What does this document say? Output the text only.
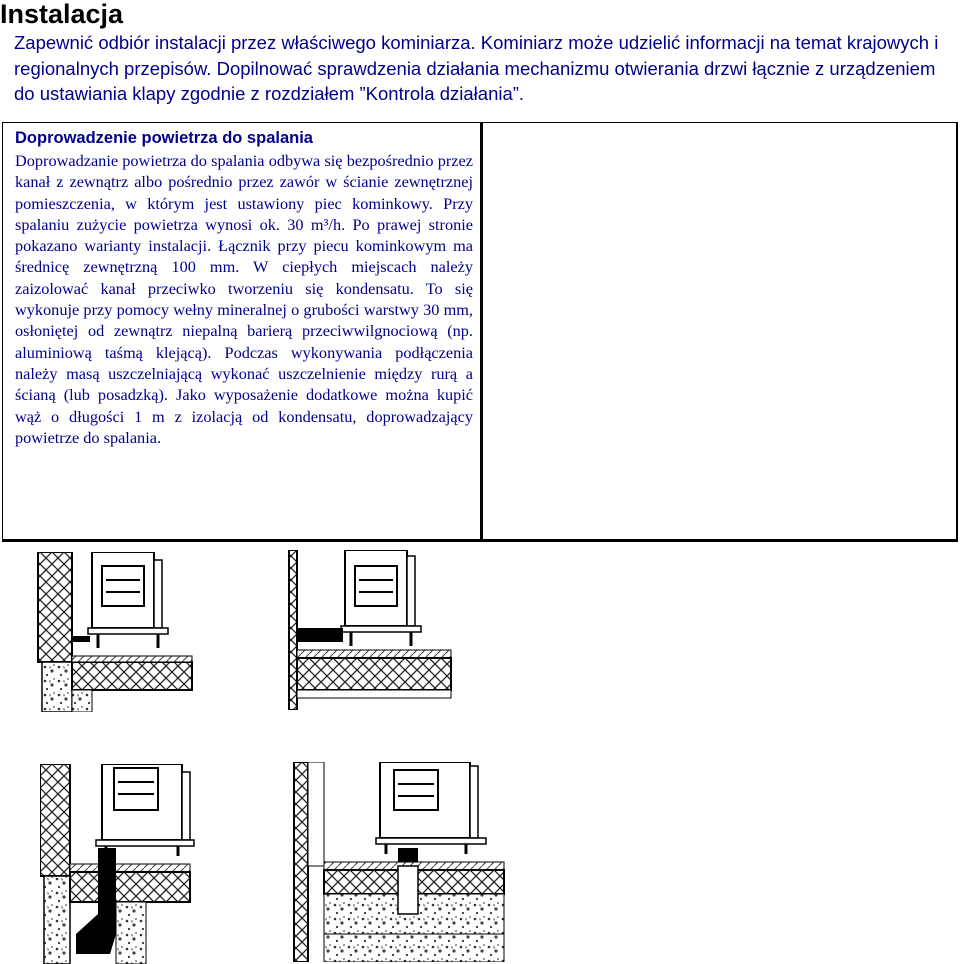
Instalacja

Zapewnić odbiór instalacji przez właściwego kominiarza. Kominiarz może udzielić informacji na temat krajowych i regionalnych przepisów. Dopilnować sprawdzenia działania mechanizmu otwierania drzwi łącznie z urządzeniem do ustawiania klapy zgodnie z rozdziałem ”Kontrola działania”.

Doprowadzenie powietrza do spalania

Doprowadzanie powietrza do spalania odbywa się bezpośrednio przez kanał z zewnątrz albo pośrednio przez zawór w ścianie zewnętrznej pomieszczenia, w którym jest ustawiony piec kominkowy. Przy spalaniu zużycie powietrza wynosi ok. 30 m³/h. Po prawej stronie pokazano warianty instalacji. Łącznik przy piecu kominkowym ma średnicę zewnętrzną 100 mm. W ciepłych miejscach należy zaizolować kanał przeciwko tworzeniu się kondensatu. To się wykonuje przy pomocy wełny mineralnej o grubości warstwy 30 mm, osłoniętej od zewnątrz niepalną barierą przeciwwilgnociową (np. aluminiową taśmą klejącą). Podczas wykonywania podłączenia należy masą uszczelniającą wykonać uszczelnienie między rurą a ścianą (lub posadzką). Jako wyposażenie dodatkowe można kupić wąż o długości 1 m z izolacją od kondensatu, doprowadzający powietrze do spalania.
